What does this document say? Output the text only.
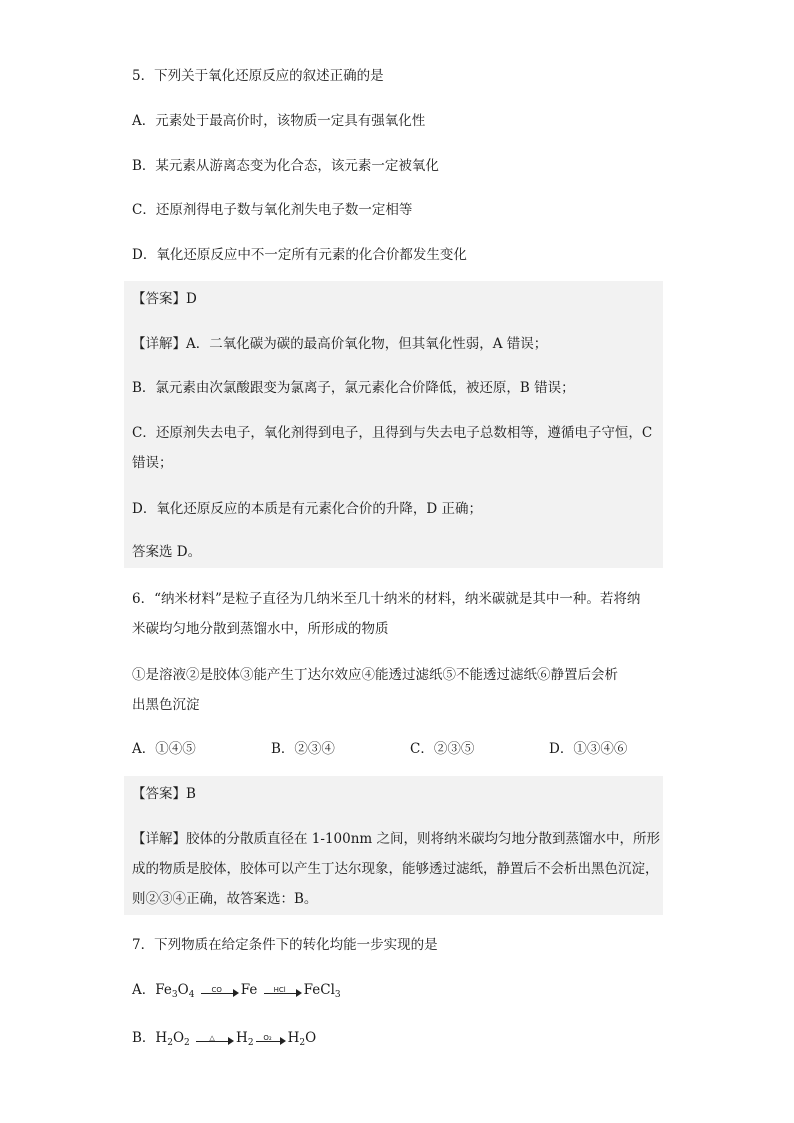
5．下列关于氧化还原反应的叙述正确的是
A．元素处于最高价时，该物质一定具有强氧化性
B．某元素从游离态变为化合态，该元素一定被氧化
C．还原剂得电子数与氧化剂失电子数一定相等
D．氧化还原反应中不一定所有元素的化合价都发生变化
【答案】D
【详解】A．二氧化碳为碳的最高价氧化物，但其氧化性弱，A 错误；
B．氯元素由次氯酸跟变为氯离子，氯元素化合价降低，被还原，B 错误；
C．还原剂失去电子，氧化剂得到电子，且得到与失去电子总数相等，遵循电子守恒，C
错误；
D．氧化还原反应的本质是有元素化合价的升降，D 正确；
答案选 D。
6．“纳米材料”是粒子直径为几纳米至几十纳米的材料，纳米碳就是其中一种。若将纳
米碳均匀地分散到蒸馏水中，所形成的物质
①是溶液②是胶体③能产生丁达尔效应④能透过滤纸⑤不能透过滤纸⑥静置后会析
出黑色沉淀
A．①④⑤	B．②③④	C．②③⑤	D．①③④⑥
【答案】B
【详解】胶体的分散质直径在 1-100nm 之间，则将纳米碳均匀地分散到蒸馏水中，所形
成的物质是胶体，胶体可以产生丁达尔现象，能够透过滤纸，静置后不会析出黑色沉淀，
则②③④正确，故答案选：B。
7．下列物质在给定条件下的转化均能一步实现的是
A．$Fe_3O_4$
CO	Fe	HCl	FeCl$_3$
B．$H_2O_2$
△	$H_2$
O₂	$H_2O$
